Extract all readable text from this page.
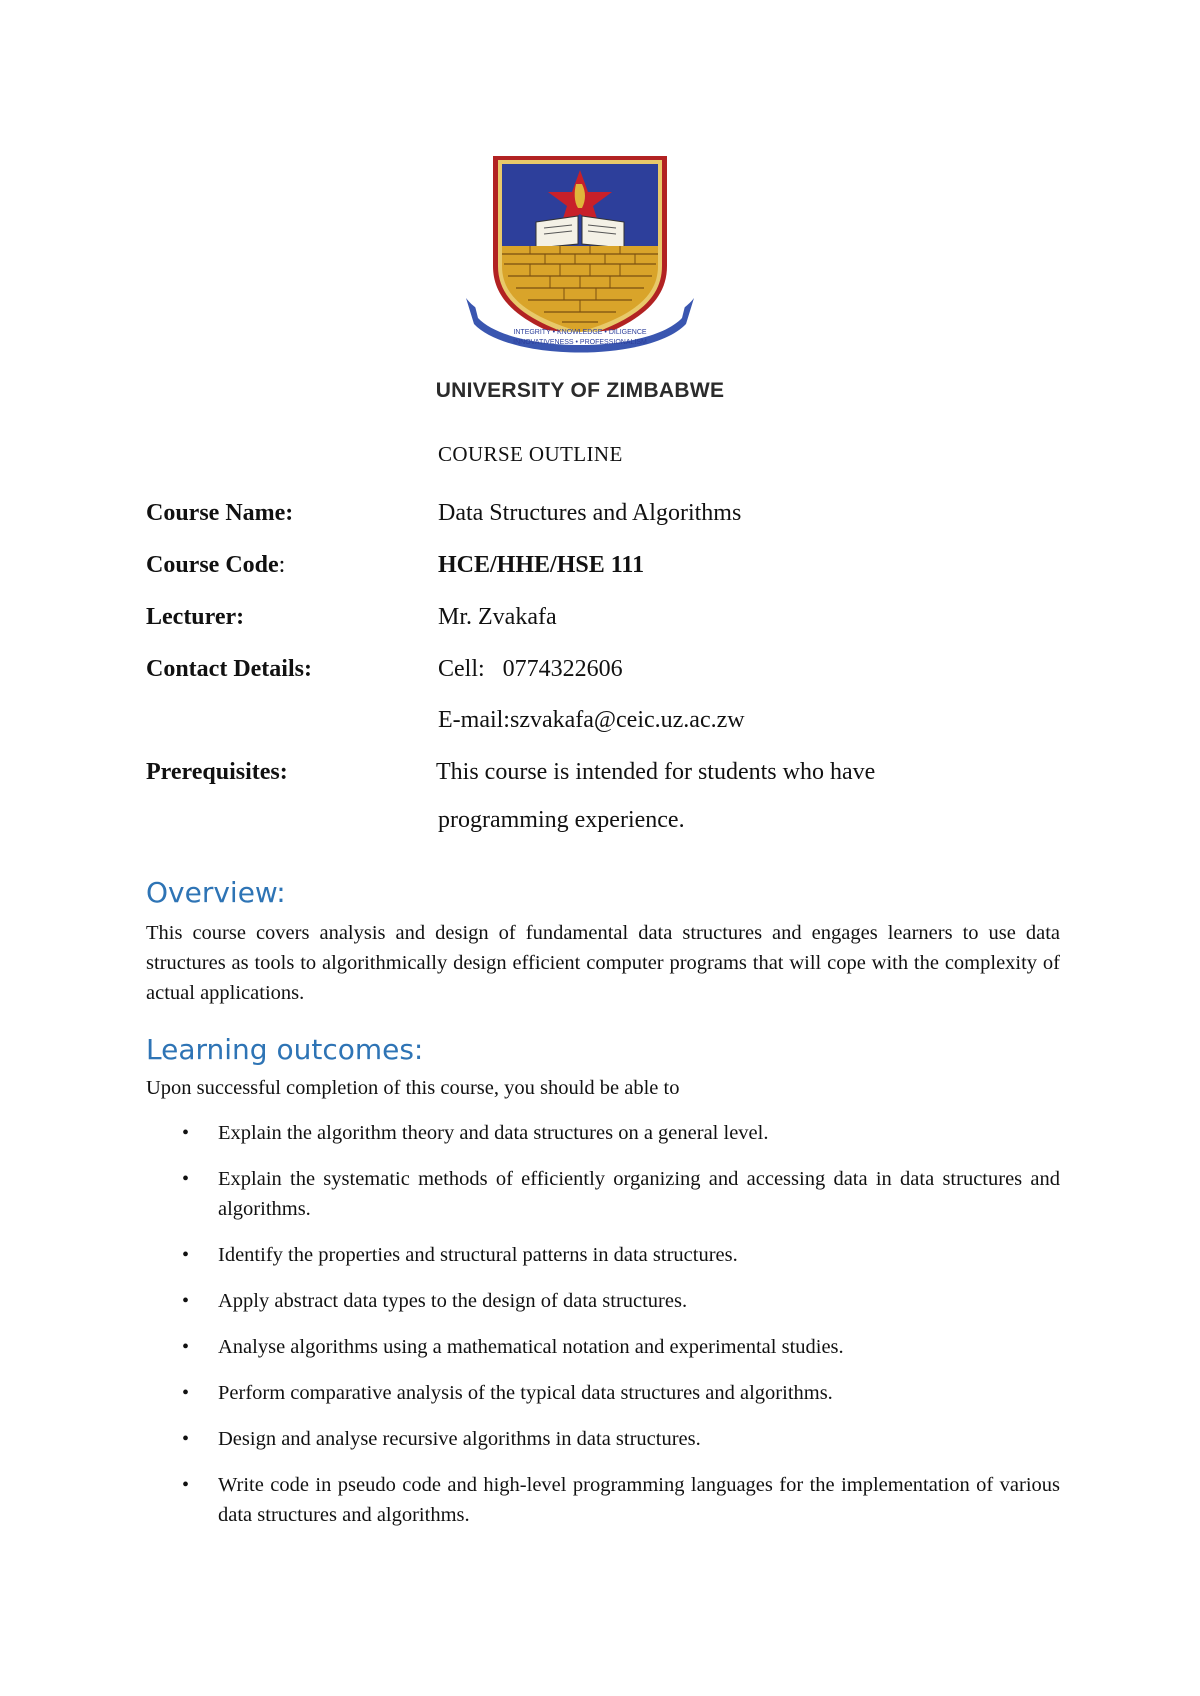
INTEGRITY • KNOWLEDGE • DILIGENCE
INNOVATIVENESS • PROFESSIONALISM
UNIVERSITY OF ZIMBABWE
COURSE OUTLINE
Course Name:	Data Structures and Algorithms
Course Code:	HCE/HHE/HSE 111
Lecturer:	Mr. Zvakafa
Contact Details:	Cell:   0774322606
E-mail:szvakafa@ceic.uz.ac.zw
Prerequisites:	This course is intended for students who have
programming experience.
Overview:
This course covers analysis and design of fundamental data structures and engages learners to use data structures as tools to algorithmically design efficient computer programs that will cope with the complexity of actual applications.
Learning outcomes:
Upon successful completion of this course, you should be able to
• Explain the algorithm theory and data structures on a general level.
• Explain the systematic methods of efficiently organizing and accessing data in data structures and algorithms.
• Identify the properties and structural patterns in data structures.
• Apply abstract data types to the design of data structures.
• Analyse algorithms using a mathematical notation and experimental studies.
• Perform comparative analysis of the typical data structures and algorithms.
• Design and analyse recursive algorithms in data structures.
• Write code in pseudo code and high-level programming languages for the implementation of various data structures and algorithms.
